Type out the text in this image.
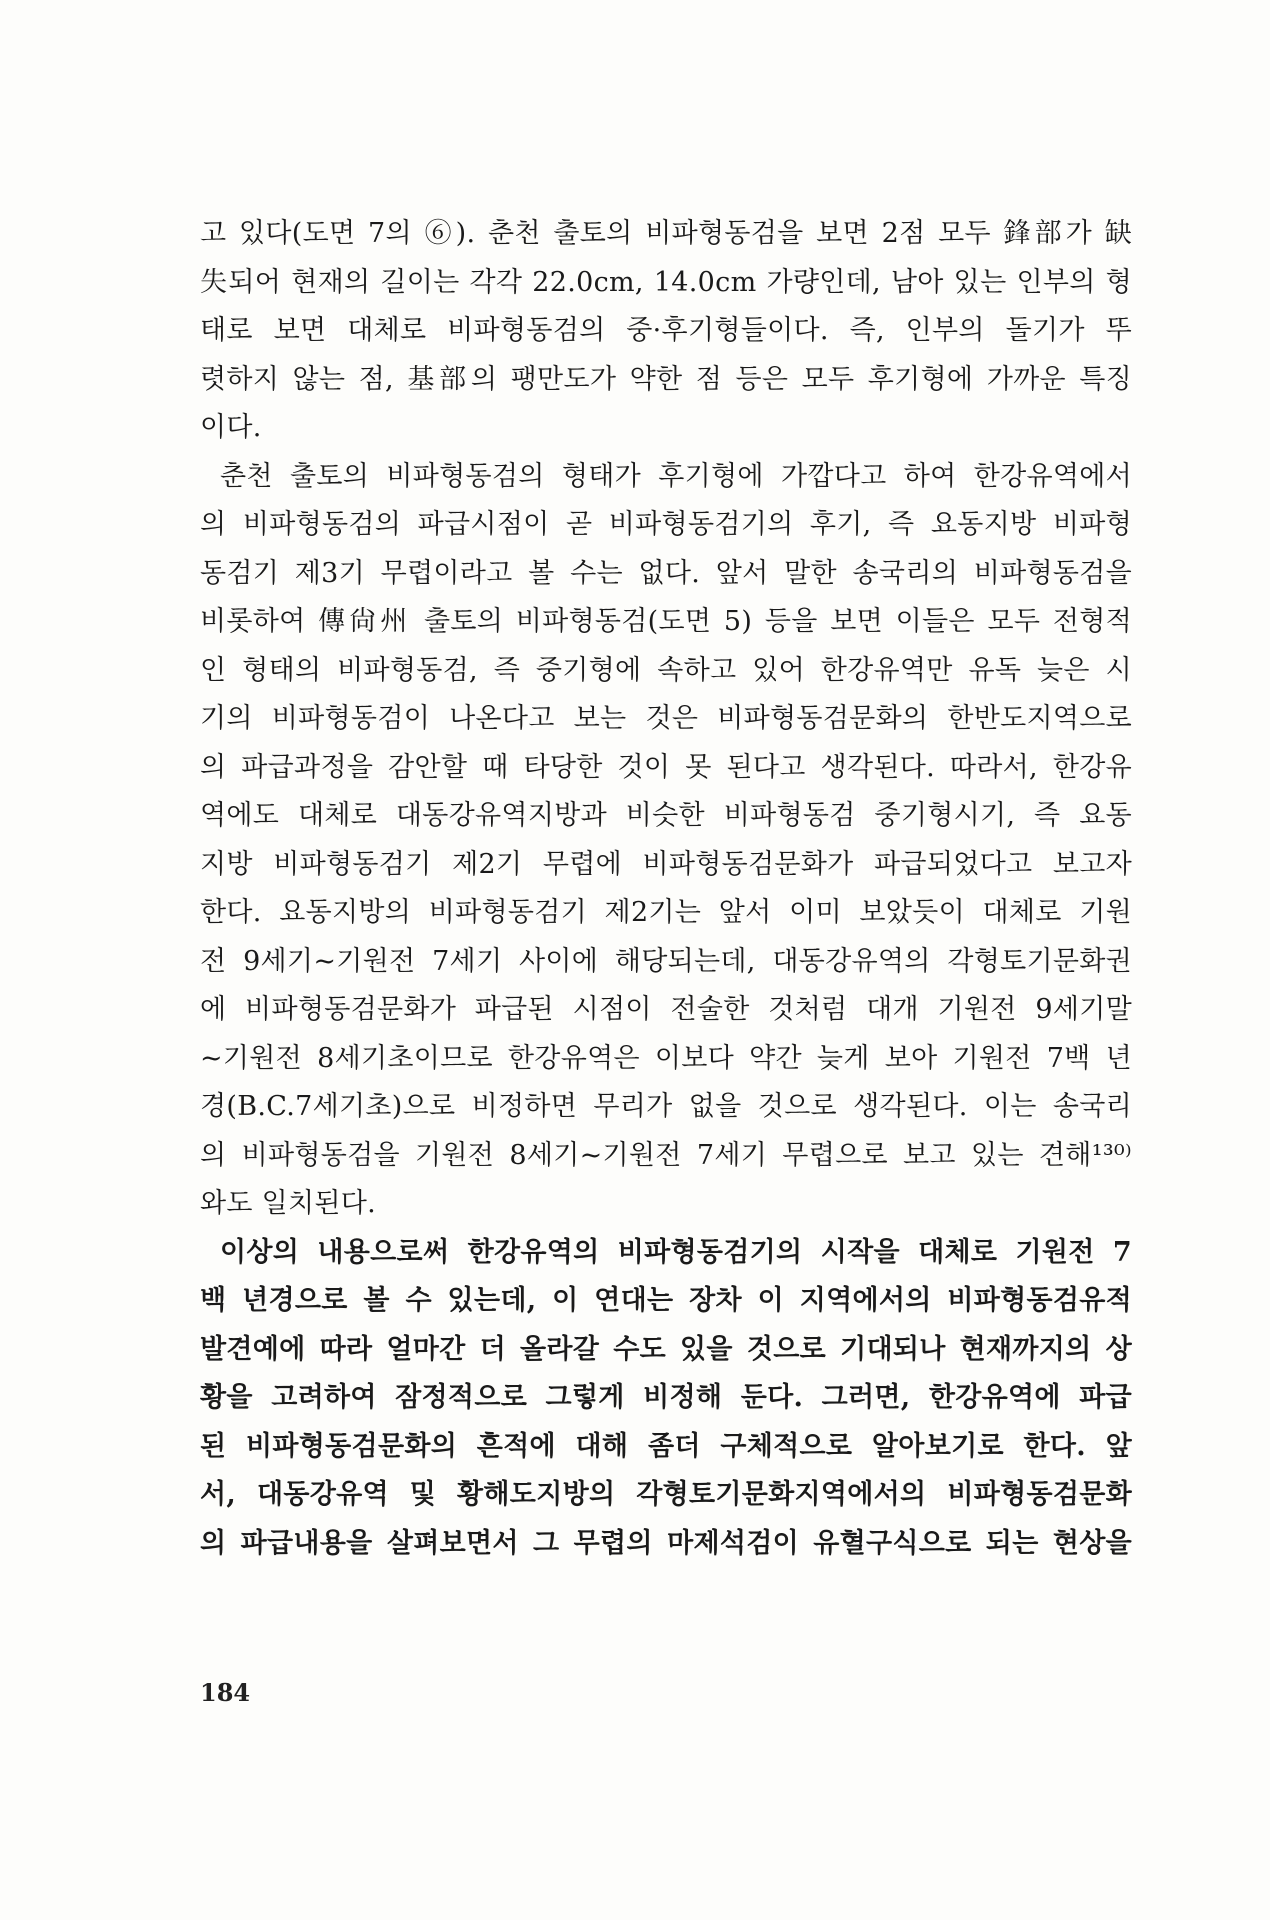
고 있다(도면 7의 ⑥). 춘천 출토의 비파형동검을 보면 2점 모두 鋒部가 缺
失되어 현재의 길이는 각각 22.0cm, 14.0cm 가량인데, 남아 있는 인부의 형
태로 보면 대체로 비파형동검의 중·후기형들이다. 즉, 인부의 돌기가 뚜
렷하지 않는 점, 基部의 팽만도가 약한 점 등은 모두 후기형에 가까운 특징
이다.
춘천 출토의 비파형동검의 형태가 후기형에 가깝다고 하여 한강유역에서
의 비파형동검의 파급시점이 곧 비파형동검기의 후기, 즉 요동지방 비파형
동검기 제3기 무렵이라고 볼 수는 없다. 앞서 말한 송국리의 비파형동검을
비롯하여 傳尙州 출토의 비파형동검(도면 5) 등을 보면 이들은 모두 전형적
인 형태의 비파형동검, 즉 중기형에 속하고 있어 한강유역만 유독 늦은 시
기의 비파형동검이 나온다고 보는 것은 비파형동검문화의 한반도지역으로
의 파급과정을 감안할 때 타당한 것이 못 된다고 생각된다. 따라서, 한강유
역에도 대체로 대동강유역지방과 비슷한 비파형동검 중기형시기, 즉 요동
지방 비파형동검기 제2기 무렵에 비파형동검문화가 파급되었다고 보고자
한다. 요동지방의 비파형동검기 제2기는 앞서 이미 보았듯이 대체로 기원
전 9세기~기원전 7세기 사이에 해당되는데, 대동강유역의 각형토기문화권
에 비파형동검문화가 파급된 시점이 전술한 것처럼 대개 기원전 9세기말
~기원전 8세기초이므로 한강유역은 이보다 약간 늦게 보아 기원전 7백 년
경(B.C.7세기초)으로 비정하면 무리가 없을 것으로 생각된다. 이는 송국리
의 비파형동검을 기원전 8세기~기원전 7세기 무렵으로 보고 있는 견해¹³⁰⁾
와도 일치된다.
이상의 내용으로써 한강유역의 비파형동검기의 시작을 대체로 기원전 7
백 년경으로 볼 수 있는데, 이 연대는 장차 이 지역에서의 비파형동검유적
발견예에 따라 얼마간 더 올라갈 수도 있을 것으로 기대되나 현재까지의 상
황을 고려하여 잠정적으로 그렇게 비정해 둔다. 그러면, 한강유역에 파급
된 비파형동검문화의 흔적에 대해 좀더 구체적으로 알아보기로 한다. 앞
서, 대동강유역 및 황해도지방의 각형토기문화지역에서의 비파형동검문화
의 파급내용을 살펴보면서 그 무렵의 마제석검이 유혈구식으로 되는 현상을
184
